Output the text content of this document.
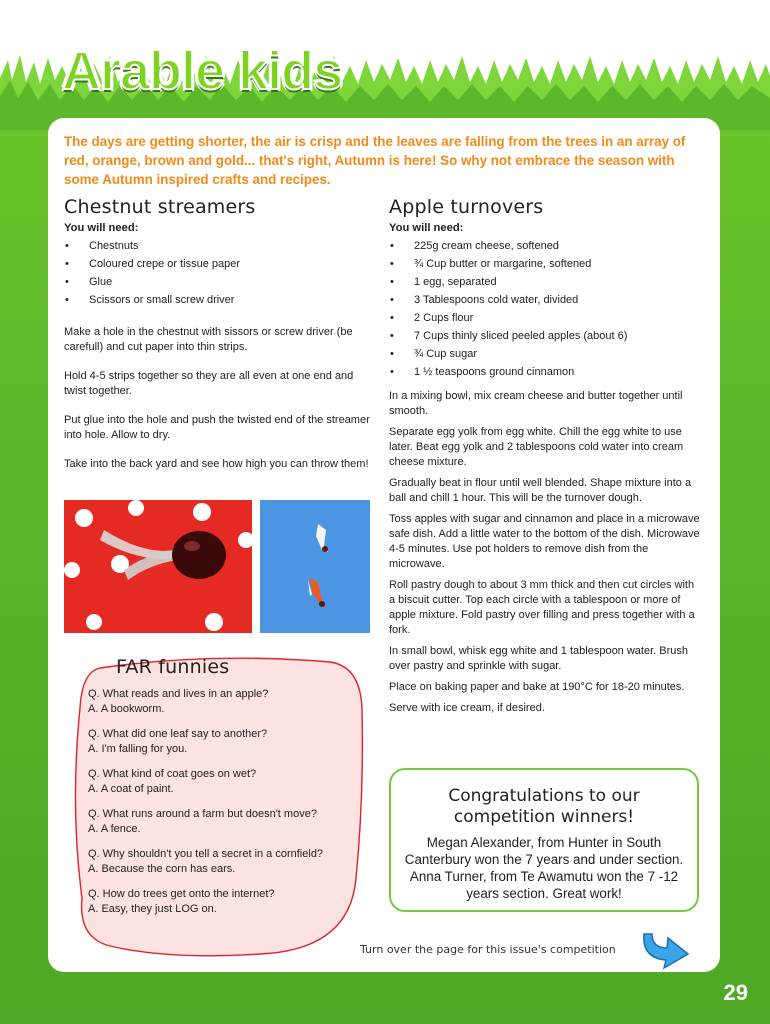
Arable kids

The days are getting shorter, the air is crisp and the leaves are falling from the trees in an array of red, orange, brown and gold... that's right, Autumn is here! So why not embrace the season with some Autumn inspired crafts and recipes.

Chestnut streamers
You will need:
• Chestnuts
• Coloured crepe or tissue paper
• Glue
• Scissors or small screw driver

Make a hole in the chestnut with sissors or screw driver (be carefull) and cut paper into thin strips.

Hold 4-5 strips together so they are all even at one end and twist together.

Put glue into the hole and push the twisted end of the streamer into hole. Allow to dry.

Take into the back yard and see how high you can throw them!

Apple turnovers
You will need:
• 225g cream cheese, softened
• ¾ Cup butter or margarine, softened
• 1 egg, separated
• 3 Tablespoons cold water, divided
• 2 Cups flour
• 7 Cups thinly sliced peeled apples (about 6)
• ¾ Cup sugar
• 1 ½ teaspoons ground cinnamon

In a mixing bowl, mix cream cheese and butter together until smooth.

Separate egg yolk from egg white. Chill the egg white to use later. Beat egg yolk and 2 tablespoons cold water into cream cheese mixture.

Gradually beat in flour until well blended. Shape mixture into a ball and chill 1 hour. This will be the turnover dough.

Toss apples with sugar and cinnamon and place in a microwave safe dish. Add a little water to the bottom of the dish. Microwave 4-5 minutes. Use pot holders to remove dish from the microwave.

Roll pastry dough to about 3 mm thick and then cut circles with a biscuit cutter. Top each circle with a tablespoon or more of apple mixture. Fold pastry over filling and press together with a fork.

In small bowl, whisk egg white and 1 tablespoon water. Brush over pastry and sprinkle with sugar.

Place on baking paper and bake at 190°C for 18-20 minutes.

Serve with ice cream, if desired.

FAR funnies
Q. What reads and lives in an apple?
A. A bookworm.
Q. What did one leaf say to another?
A. I'm falling for you.
Q. What kind of coat goes on wet?
A. A coat of paint.
Q. What runs around a farm but doesn't move?
A. A fence.
Q. Why shouldn't you tell a secret in a cornfield?
A. Because the corn has ears.
Q. How do trees get onto the internet?
A. Easy, they just LOG on.
Congratulations to our competition winners!
Megan Alexander, from Hunter in South Canterbury won the 7 years and under section. Anna Turner, from Te Awamutu won the 7 -12 years section. Great work!
Turn over the page for this issue's competition
29
